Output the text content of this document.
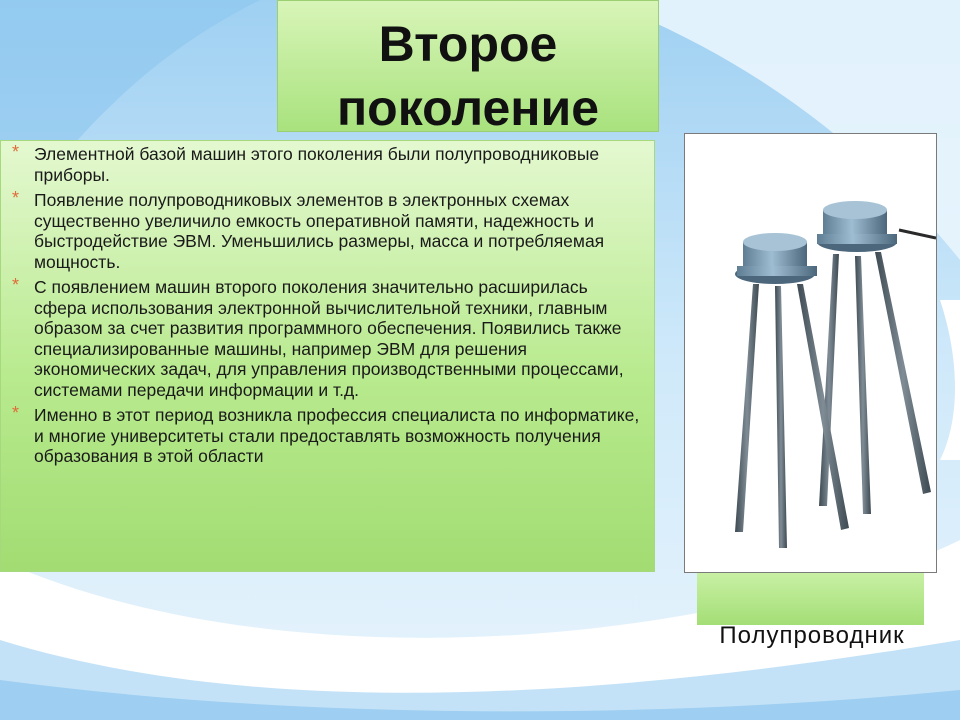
Второе поколение
* Элементной базой машин этого поколения были полупроводниковые приборы.
* Появление полупроводниковых элементов в электронных схемах существенно увеличило емкость оперативной памяти, надежность и быстродействие ЭВМ. Уменьшились размеры, масса и потребляемая мощность.
* С появлением машин второго поколения значительно расширилась сфера использования электронной вычислительной техники, главным образом за счет развития программного обеспечения. Появились также специализированные машины, например ЭВМ для решения экономических задач, для управления производственными процессами, системами передачи информации и т.д.
* Именно в этот период возникла профессия специалиста по информатике, и многие университеты стали предоставлять возможность получения образования в этой области
Полупроводник
